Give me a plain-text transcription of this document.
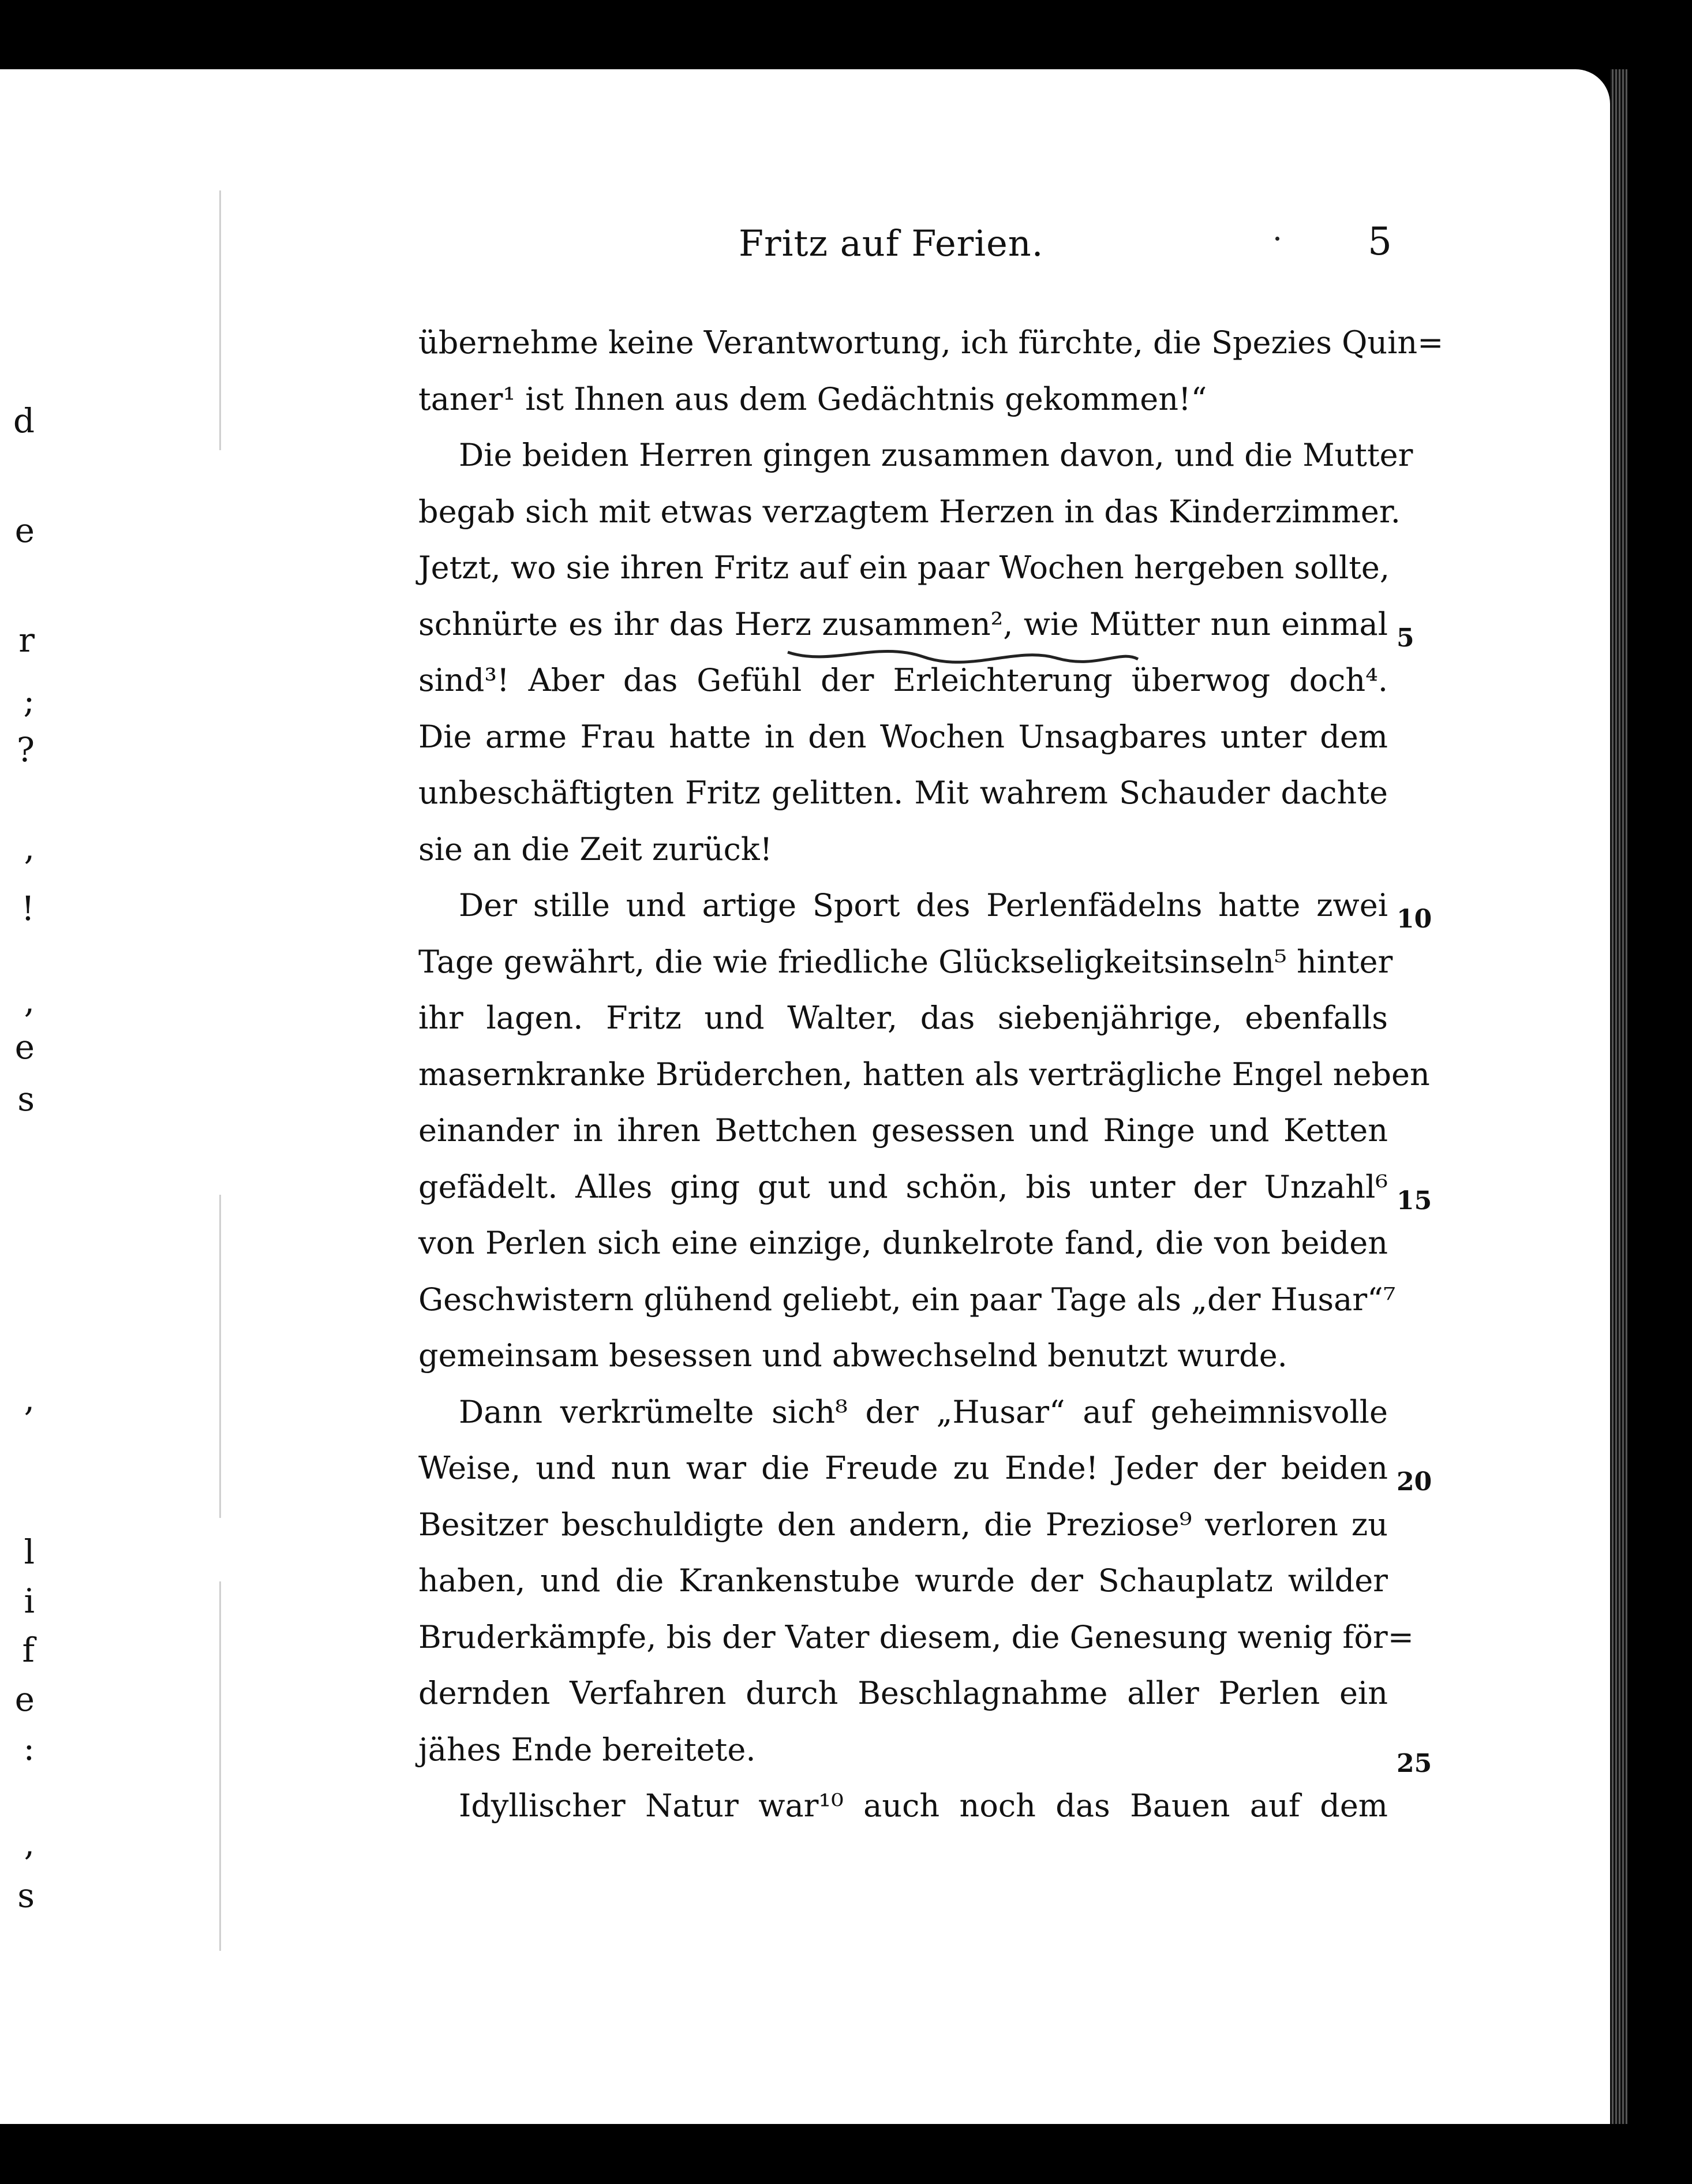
d
e
r
;
?
,
!
,
e
s
,
l
i
f
e
:
,
s
Fritz auf Ferien.	5
übernehme keine Verantwortung, ich fürchte, die Spezies Quin=
taner¹ ist Ihnen aus dem Gedächtnis gekommen!“
Die beiden Herren gingen zusammen davon, und die Mutter
begab sich mit etwas verzagtem Herzen in das Kinderzimmer.
Jetzt, wo sie ihren Fritz auf ein paar Wochen hergeben sollte,
schnürte es ihr das Herz zusammen², wie Mütter nun einmal
sind³! Aber das Gefühl der Erleichterung überwog doch⁴.
Die arme Frau hatte in den Wochen Unsagbares unter dem
unbeschäftigten Fritz gelitten. Mit wahrem Schauder dachte
sie an die Zeit zurück!
Der stille und artige Sport des Perlenfädelns hatte zwei
Tage gewährt, die wie friedliche Glückseligkeitsinseln⁵ hinter
ihr lagen. Fritz und Walter, das siebenjährige, ebenfalls
masernkranke Brüderchen, hatten als verträgliche Engel neben
einander in ihren Bettchen gesessen und Ringe und Ketten
gefädelt. Alles ging gut und schön, bis unter der Unzahl⁶
von Perlen sich eine einzige, dunkelrote fand, die von beiden
Geschwistern glühend geliebt, ein paar Tage als „der Husar“⁷
gemeinsam besessen und abwechselnd benutzt wurde.
Dann verkrümelte sich⁸ der „Husar“ auf geheimnisvolle
Weise, und nun war die Freude zu Ende! Jeder der beiden
Besitzer beschuldigte den andern, die Preziose⁹ verloren zu
haben, und die Krankenstube wurde der Schauplatz wilder
Bruderkämpfe, bis der Vater diesem, die Genesung wenig för=
dernden Verfahren durch Beschlagnahme aller Perlen ein
jähes Ende bereitete.
Idyllischer Natur war¹⁰ auch noch das Bauen auf dem
5
10
15
20
25
